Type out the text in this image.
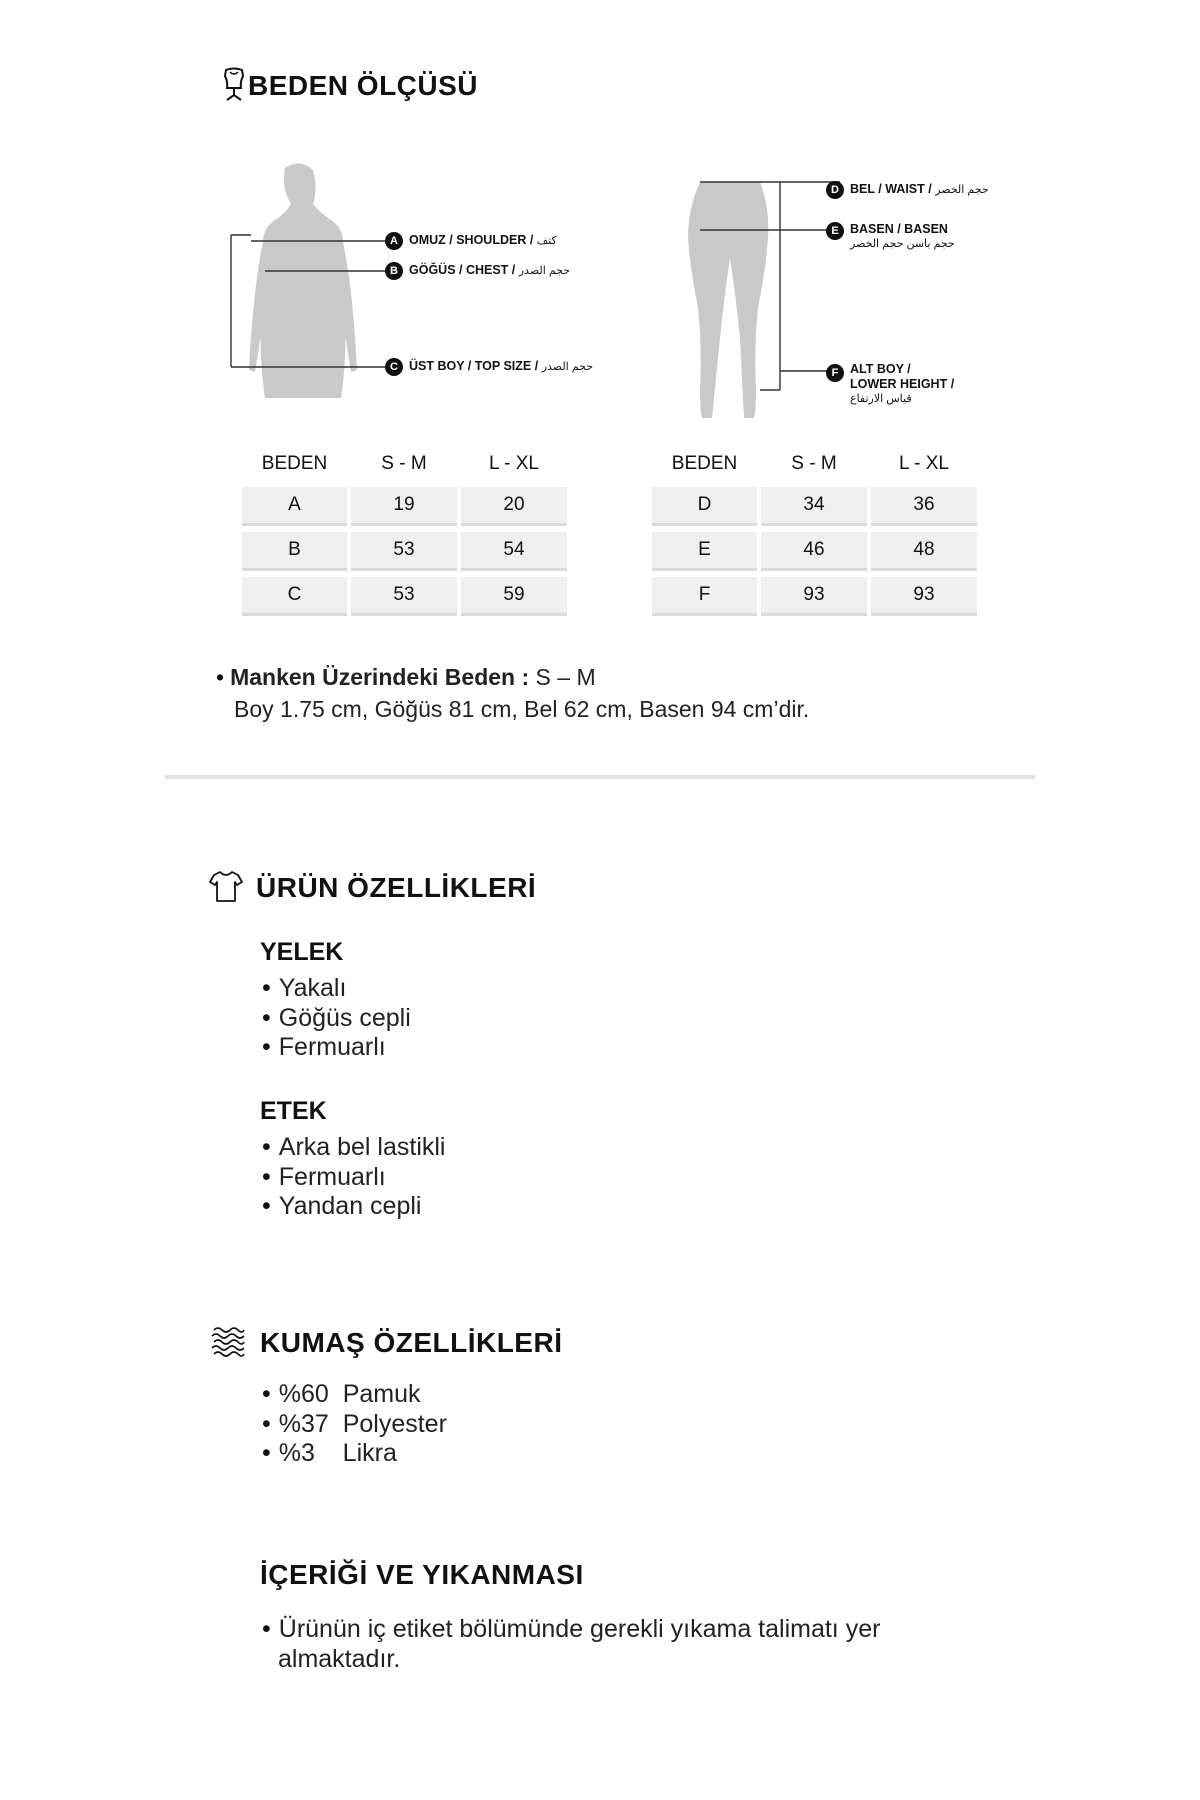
BEDEN ÖLÇÜSÜ
A OMUZ / SHOULDER / كتف
B GÖĞÜS / CHEST / حجم الصدر
C ÜST BOY / TOP SIZE / حجم الصدر
D BEL / WAIST / حجم الخصر
E BASEN / BASEN
حجم باسن حجم الخصر
F ALT BOY /
LOWER HEIGHT /
قياس الارتفاع
BEDEN	S - M	L - XL
A	19	20
B	53	54
C	53	59
BEDEN	S - M	L - XL
D	34	36
E	46	48
F	93	93
• Manken Üzerindeki Beden : S – M
Boy 1.75 cm, Göğüs 81 cm, Bel 62 cm, Basen 94 cm’dir.
ÜRÜN ÖZELLİKLERİ
YELEK
• Yakalı
• Göğüs cepli
• Fermuarlı
ETEK
• Arka bel lastikli
• Fermuarlı
• Yandan cepli
KUMAŞ ÖZELLİKLERİ
• %60  Pamuk
• %37  Polyester
• %3    Likra
İÇERİĞİ VE YIKANMASI
• Ürünün iç etiket bölümünde gerekli yıkama talimatı yer
almaktadır.
